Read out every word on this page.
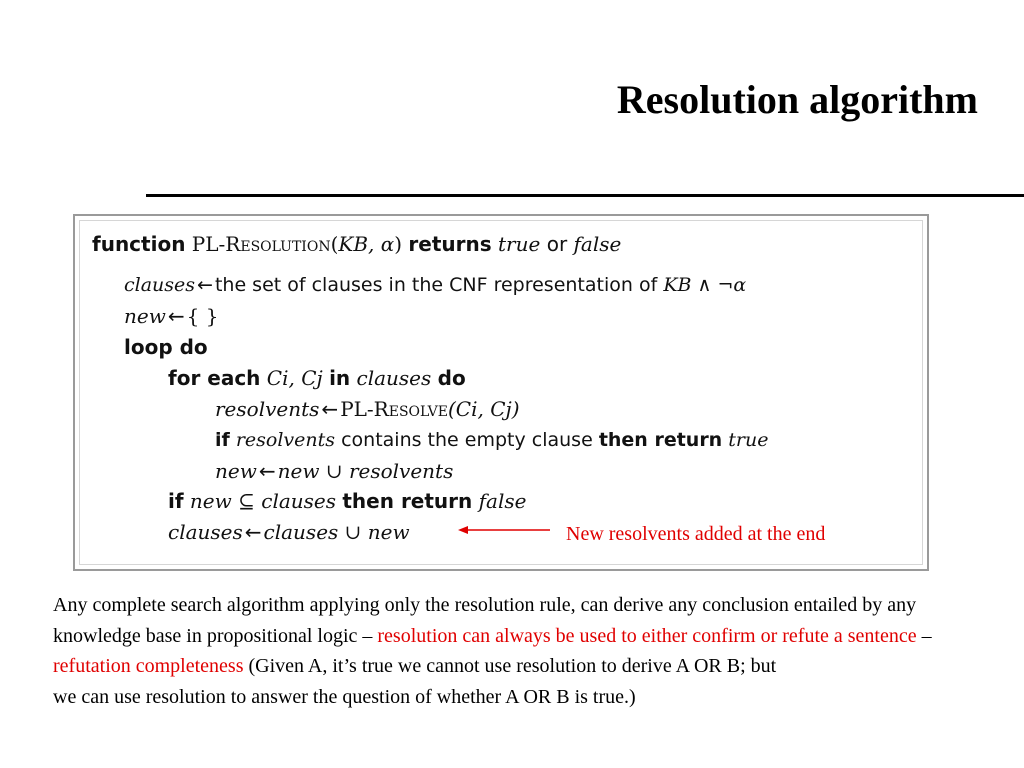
Resolution algorithm
function PL-Resolution(KB, α) returns true or false
clauses ← the set of clauses in the CNF representation of KB ∧ ¬α
new ← { }
loop do
for each Ci, Cj in clauses do
resolvents ← PL-Resolve(Ci, Cj)
if resolvents contains the empty clause then return true
new ← new ∪ resolvents
if new ⊆ clauses then return false
clauses ← clauses ∪ new	New resolvents added at the end
Any complete search algorithm applying only the resolution rule, can derive any conclusion entailed by any knowledge base in propositional logic – resolution can always be used to either confirm or refute a sentence – refutation completeness (Given A, it’s true we cannot use resolution to derive A OR B; but
we can use resolution to answer the question of whether A OR B is true.)
